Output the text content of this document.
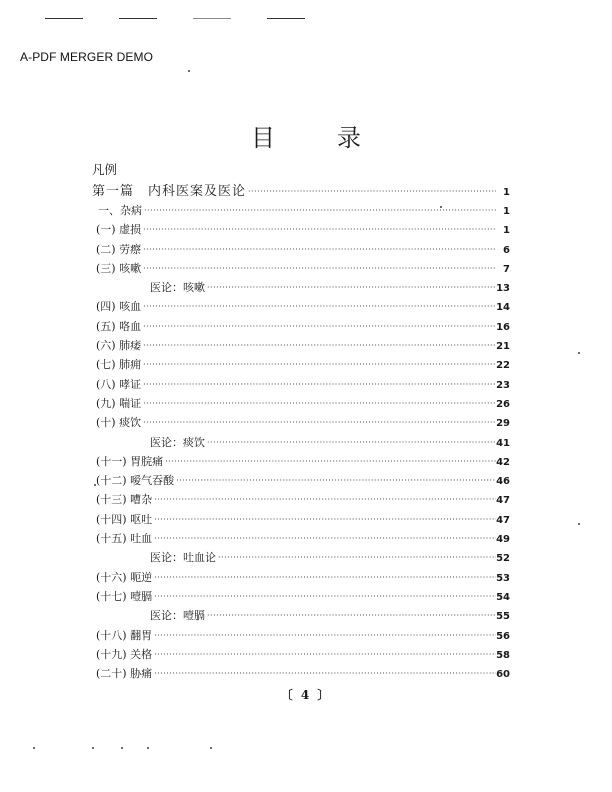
A-PDF MERGER DEMO
目	录
凡例
第一篇　内科医案及医论 ·····	1
一、杂病 ·····	1
(一) 虚损 ·····	1
(二) 劳瘵 ·····	6
(三) 咳嗽 ·····	7
医论：咳嗽 ·····	13
(四) 咳血 ·····	14
(五) 咯血 ·····	16
(六) 肺痿 ·····	21
(七) 肺痈 ·····	22
(八) 哮证 ·····	23
(九) 喘证 ·····	26
(十) 痰饮 ·····	29
医论：痰饮 ·····	41
(十一) 胃脘痛 ·····	42
(十二) 嗳气吞酸 ·····	46
(十三) 嘈杂 ·····	47
(十四) 呕吐 ·····	47
(十五) 吐血 ·····	49
医论：吐血论 ·····	52
(十六) 呃逆 ·····	53
(十七) 噎膈 ·····	54
医论：噎膈 ·····	55
(十八) 翻胃 ·····	56
(十九) 关格 ·····	58
(二十) 胁痛 ·····	60
〔 4 〕
